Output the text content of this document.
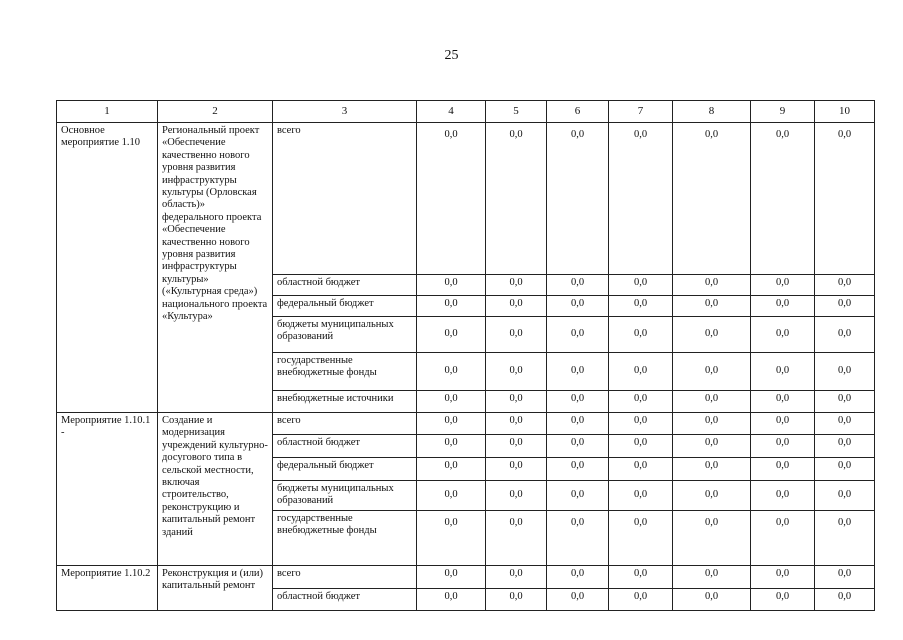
25
1	2	3	4	5	6	7	8	9	10
Основное мероприятие 1.10	Региональный проект «Обеспечение качественно нового уровня развития инфраструктуры культуры (Орловская область)» федерального проекта «Обеспечение качественно нового уровня развития инфраструктуры культуры» («Культурная среда») национального проекта «Культура»	всего	0,0	0,0	0,0	0,0	0,0	0,0	0,0
		областной бюджет	0,0	0,0	0,0	0,0	0,0	0,0	0,0
		федеральный бюджет	0,0	0,0	0,0	0,0	0,0	0,0	0,0
		бюджеты муниципальных образований	0,0	0,0	0,0	0,0	0,0	0,0	0,0
		государственные внебюджетные фонды	0,0	0,0	0,0	0,0	0,0	0,0	0,0
		внебюджетные источники	0,0	0,0	0,0	0,0	0,0	0,0	0,0
Мероприятие 1.10.1 -	Создание и модернизация учреждений культурно-досугового типа в сельской местности, включая строительство, реконструкцию и капитальный ремонт зданий	всего	0,0	0,0	0,0	0,0	0,0	0,0	0,0
		областной бюджет	0,0	0,0	0,0	0,0	0,0	0,0	0,0
		федеральный бюджет	0,0	0,0	0,0	0,0	0,0	0,0	0,0
		бюджеты муниципальных образований	0,0	0,0	0,0	0,0	0,0	0,0	0,0
		государственные внебюджетные фонды	0,0	0,0	0,0	0,0	0,0	0,0	0,0
Мероприятие 1.10.2	Реконструкция и (или) капитальный ремонт	всего	0,0	0,0	0,0	0,0	0,0	0,0	0,0
		областной бюджет	0,0	0,0	0,0	0,0	0,0	0,0	0,0
